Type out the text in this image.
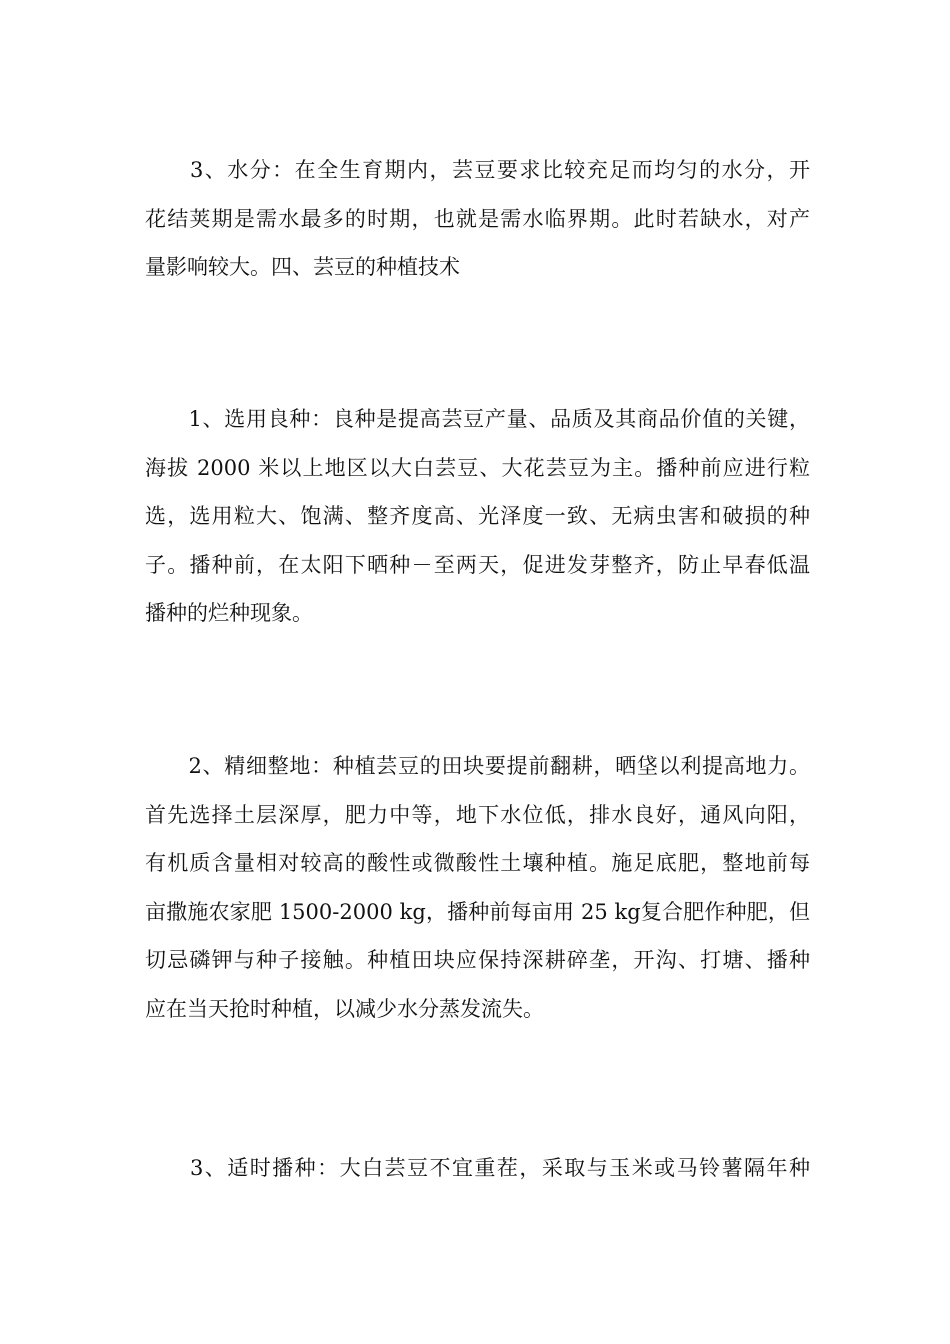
　　3、水分：在全生育期内，芸豆要求比较充足而均匀的水分，开
花结荚期是需水最多的时期，也就是需水临界期。此时若缺水，对产
量影响较大。四、芸豆的种植技术

　　1、选用良种：良种是提高芸豆产量、品质及其商品价值的关键，
海拔 2000 米以上地区以大白芸豆、大花芸豆为主。播种前应进行粒
选，选用粒大、饱满、整齐度高、光泽度一致、无病虫害和破损的种
子。播种前，在太阳下晒种－至两天，促进发芽整齐，防止早春低温
播种的烂种现象。

　　2、精细整地：种植芸豆的田块要提前翻耕，晒垡以利提高地力。
首先选择土层深厚，肥力中等，地下水位低，排水良好，通风向阳，
有机质含量相对较高的酸性或微酸性土壤种植。施足底肥，整地前每
亩撒施农家肥 1500-2000 kg，播种前每亩用 25 kg复合肥作种肥，但
切忌磷钾与种子接触。种植田块应保持深耕碎垄，开沟、打塘、播种
应在当天抢时种植，以减少水分蒸发流失。

　　3、适时播种：大白芸豆不宜重茬，采取与玉米或马铃薯隔年种
